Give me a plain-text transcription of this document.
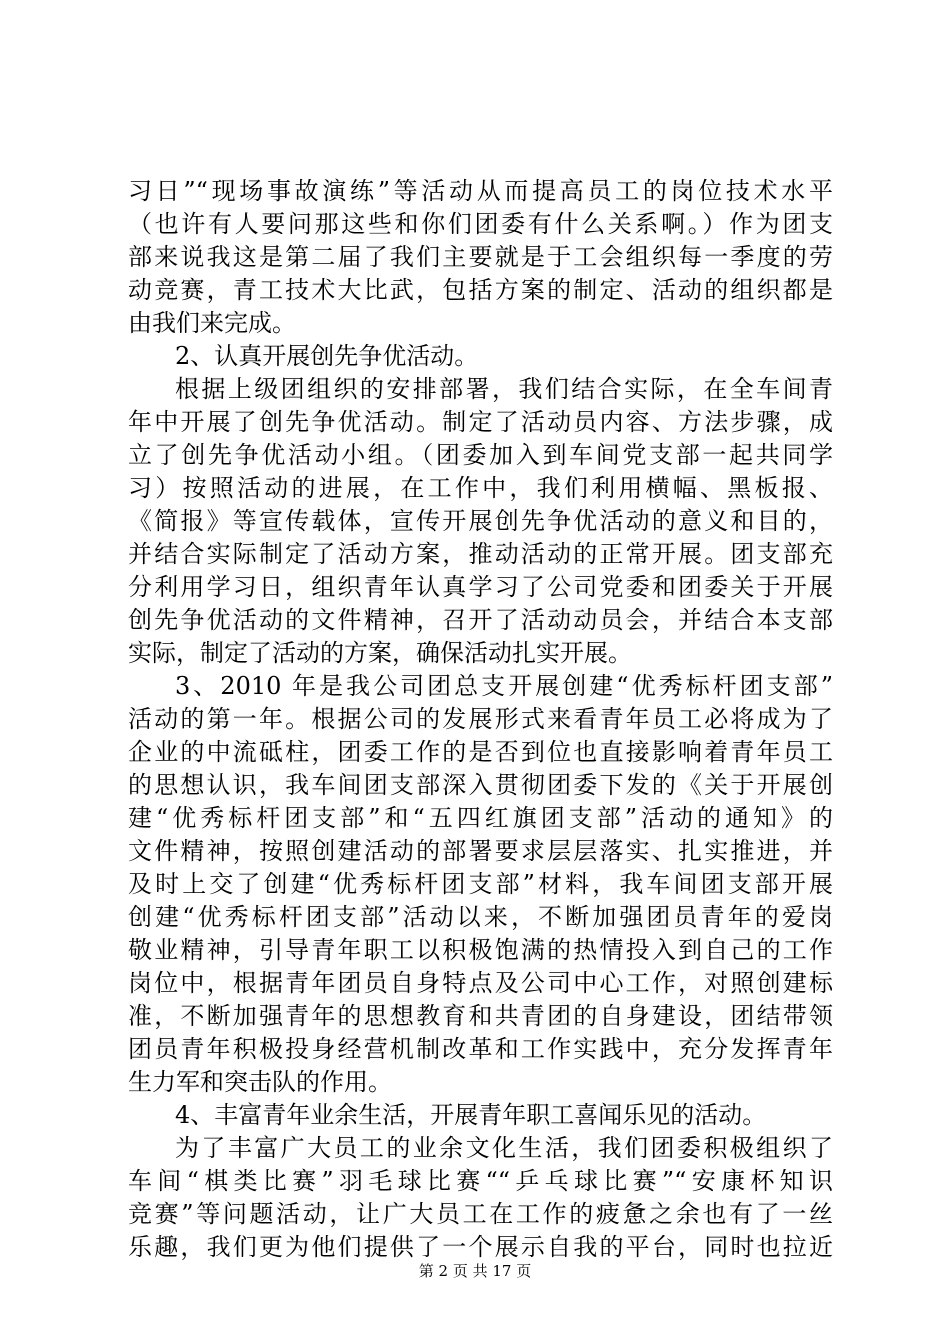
习日”“现场事故演练”等活动从而提高员工的岗位技术水平
（也许有人要问那这些和你们团委有什么关系啊。）作为团支
部来说我这是第二届了我们主要就是于工会组织每一季度的劳
动竞赛，青工技术大比武，包括方案的制定、活动的组织都是
由我们来完成。
2、认真开展创先争优活动。
根据上级团组织的安排部署，我们结合实际，在全车间青
年中开展了创先争优活动。制定了活动员内容、方法步骤，成
立了创先争优活动小组。（团委加入到车间党支部一起共同学
习）按照活动的进展，在工作中，我们利用横幅、黑板报、
《简报》等宣传载体，宣传开展创先争优活动的意义和目的，
并结合实际制定了活动方案，推动活动的正常开展。团支部充
分利用学习日，组织青年认真学习了公司党委和团委关于开展
创先争优活动的文件精神，召开了活动动员会，并结合本支部
实际，制定了活动的方案，确保活动扎实开展。
3、2010 年是我公司团总支开展创建“优秀标杆团支部”
活动的第一年。根据公司的发展形式来看青年员工必将成为了
企业的中流砥柱，团委工作的是否到位也直接影响着青年员工
的思想认识，我车间团支部深入贯彻团委下发的《关于开展创
建“优秀标杆团支部”和“五四红旗团支部”活动的通知》的
文件精神，按照创建活动的部署要求层层落实、扎实推进，并
及时上交了创建“优秀标杆团支部”材料，我车间团支部开展
创建“优秀标杆团支部”活动以来，不断加强团员青年的爱岗
敬业精神，引导青年职工以积极饱满的热情投入到自己的工作
岗位中，根据青年团员自身特点及公司中心工作，对照创建标
准，不断加强青年的思想教育和共青团的自身建设，团结带领
团员青年积极投身经营机制改革和工作实践中，充分发挥青年
生力军和突击队的作用。
4、丰富青年业余生活，开展青年职工喜闻乐见的活动。
为了丰富广大员工的业余文化生活，我们团委积极组织了
车间“棋类比赛”羽毛球比赛““乒乓球比赛”“安康杯知识
竞赛”等问题活动，让广大员工在工作的疲惫之余也有了一丝
乐趣，我们更为他们提供了一个展示自我的平台，同时也拉近
第 2 页 共 17 页
